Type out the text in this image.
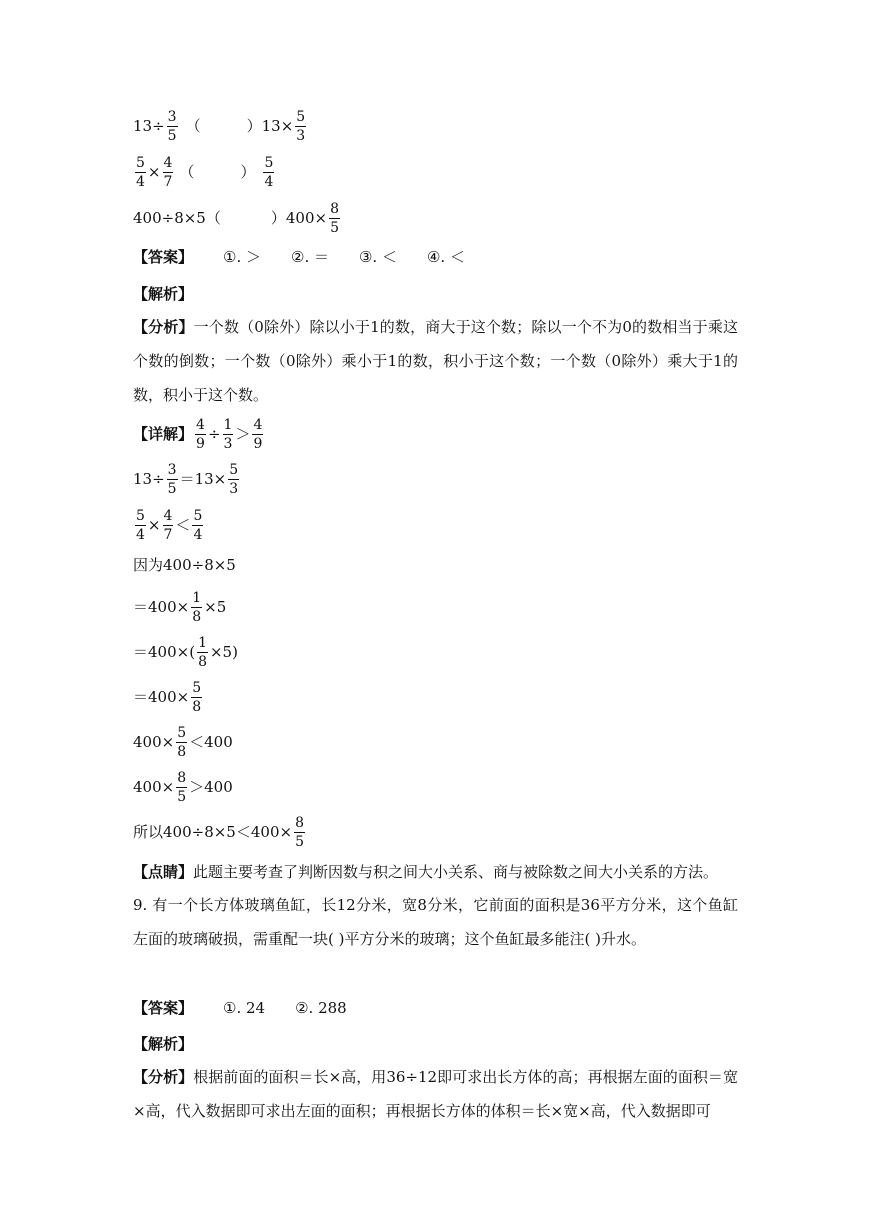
$13 \div \frac{3}{5}$ （	） $13 \times \frac{5}{3}$
$\frac{5}{4} \times \frac{4}{7}$ （	） $\frac{5}{4}$
400÷8×5 （	） $400 \times \frac{8}{5}$
【答案】 ①. ＞ ②. ＝ ③. ＜ ④. ＜
【解析】

【分析】一个数（0除外）除以小于1的数，商大于这个数；除以一个不为0的数相当于乘这个数的倒数；一个数（0除外）乘小于1的数，积小于这个数；一个数（0除外）乘大于1的数，积小于这个数。

【详解】 $\frac{4}{9} \div \frac{1}{3} > \frac{4}{9}$
$13 \div \frac{3}{5} =13\times \frac{5}{3}$
$\frac{5}{4} \times \frac{4}{7} < \frac{5}{4}$
因为400÷8×5
$=400\times \frac{1}{8} \times 5$
$=400\times( \frac{1}{8} \times 5)$
$=400\times \frac{5}{8}$
$400\times \frac{5}{8} <400$
$400\times \frac{8}{5} >400$
所以$400\div 8\times 5<400\times \frac{8}{5}$
【点睛】 此题主要考查了判断因数与积之间大小关系、商与被除数之间大小关系的方法。

9. 有一个长方体玻璃鱼缸，长12分米，宽8分米，它前面的面积是36平方分米，这个鱼缸左面的玻璃破损，需重配一块( )平方分米的玻璃；这个鱼缸最多能注( )升水。

【答案】 ①. 24 ②. 288
【解析】

【分析】根据前面的面积＝长×高，用36÷12即可求出长方体的高；再根据左面的面积＝宽×高，代入数据即可求出左面的面积；再根据长方体的体积＝长×宽×高，代入数据即可
